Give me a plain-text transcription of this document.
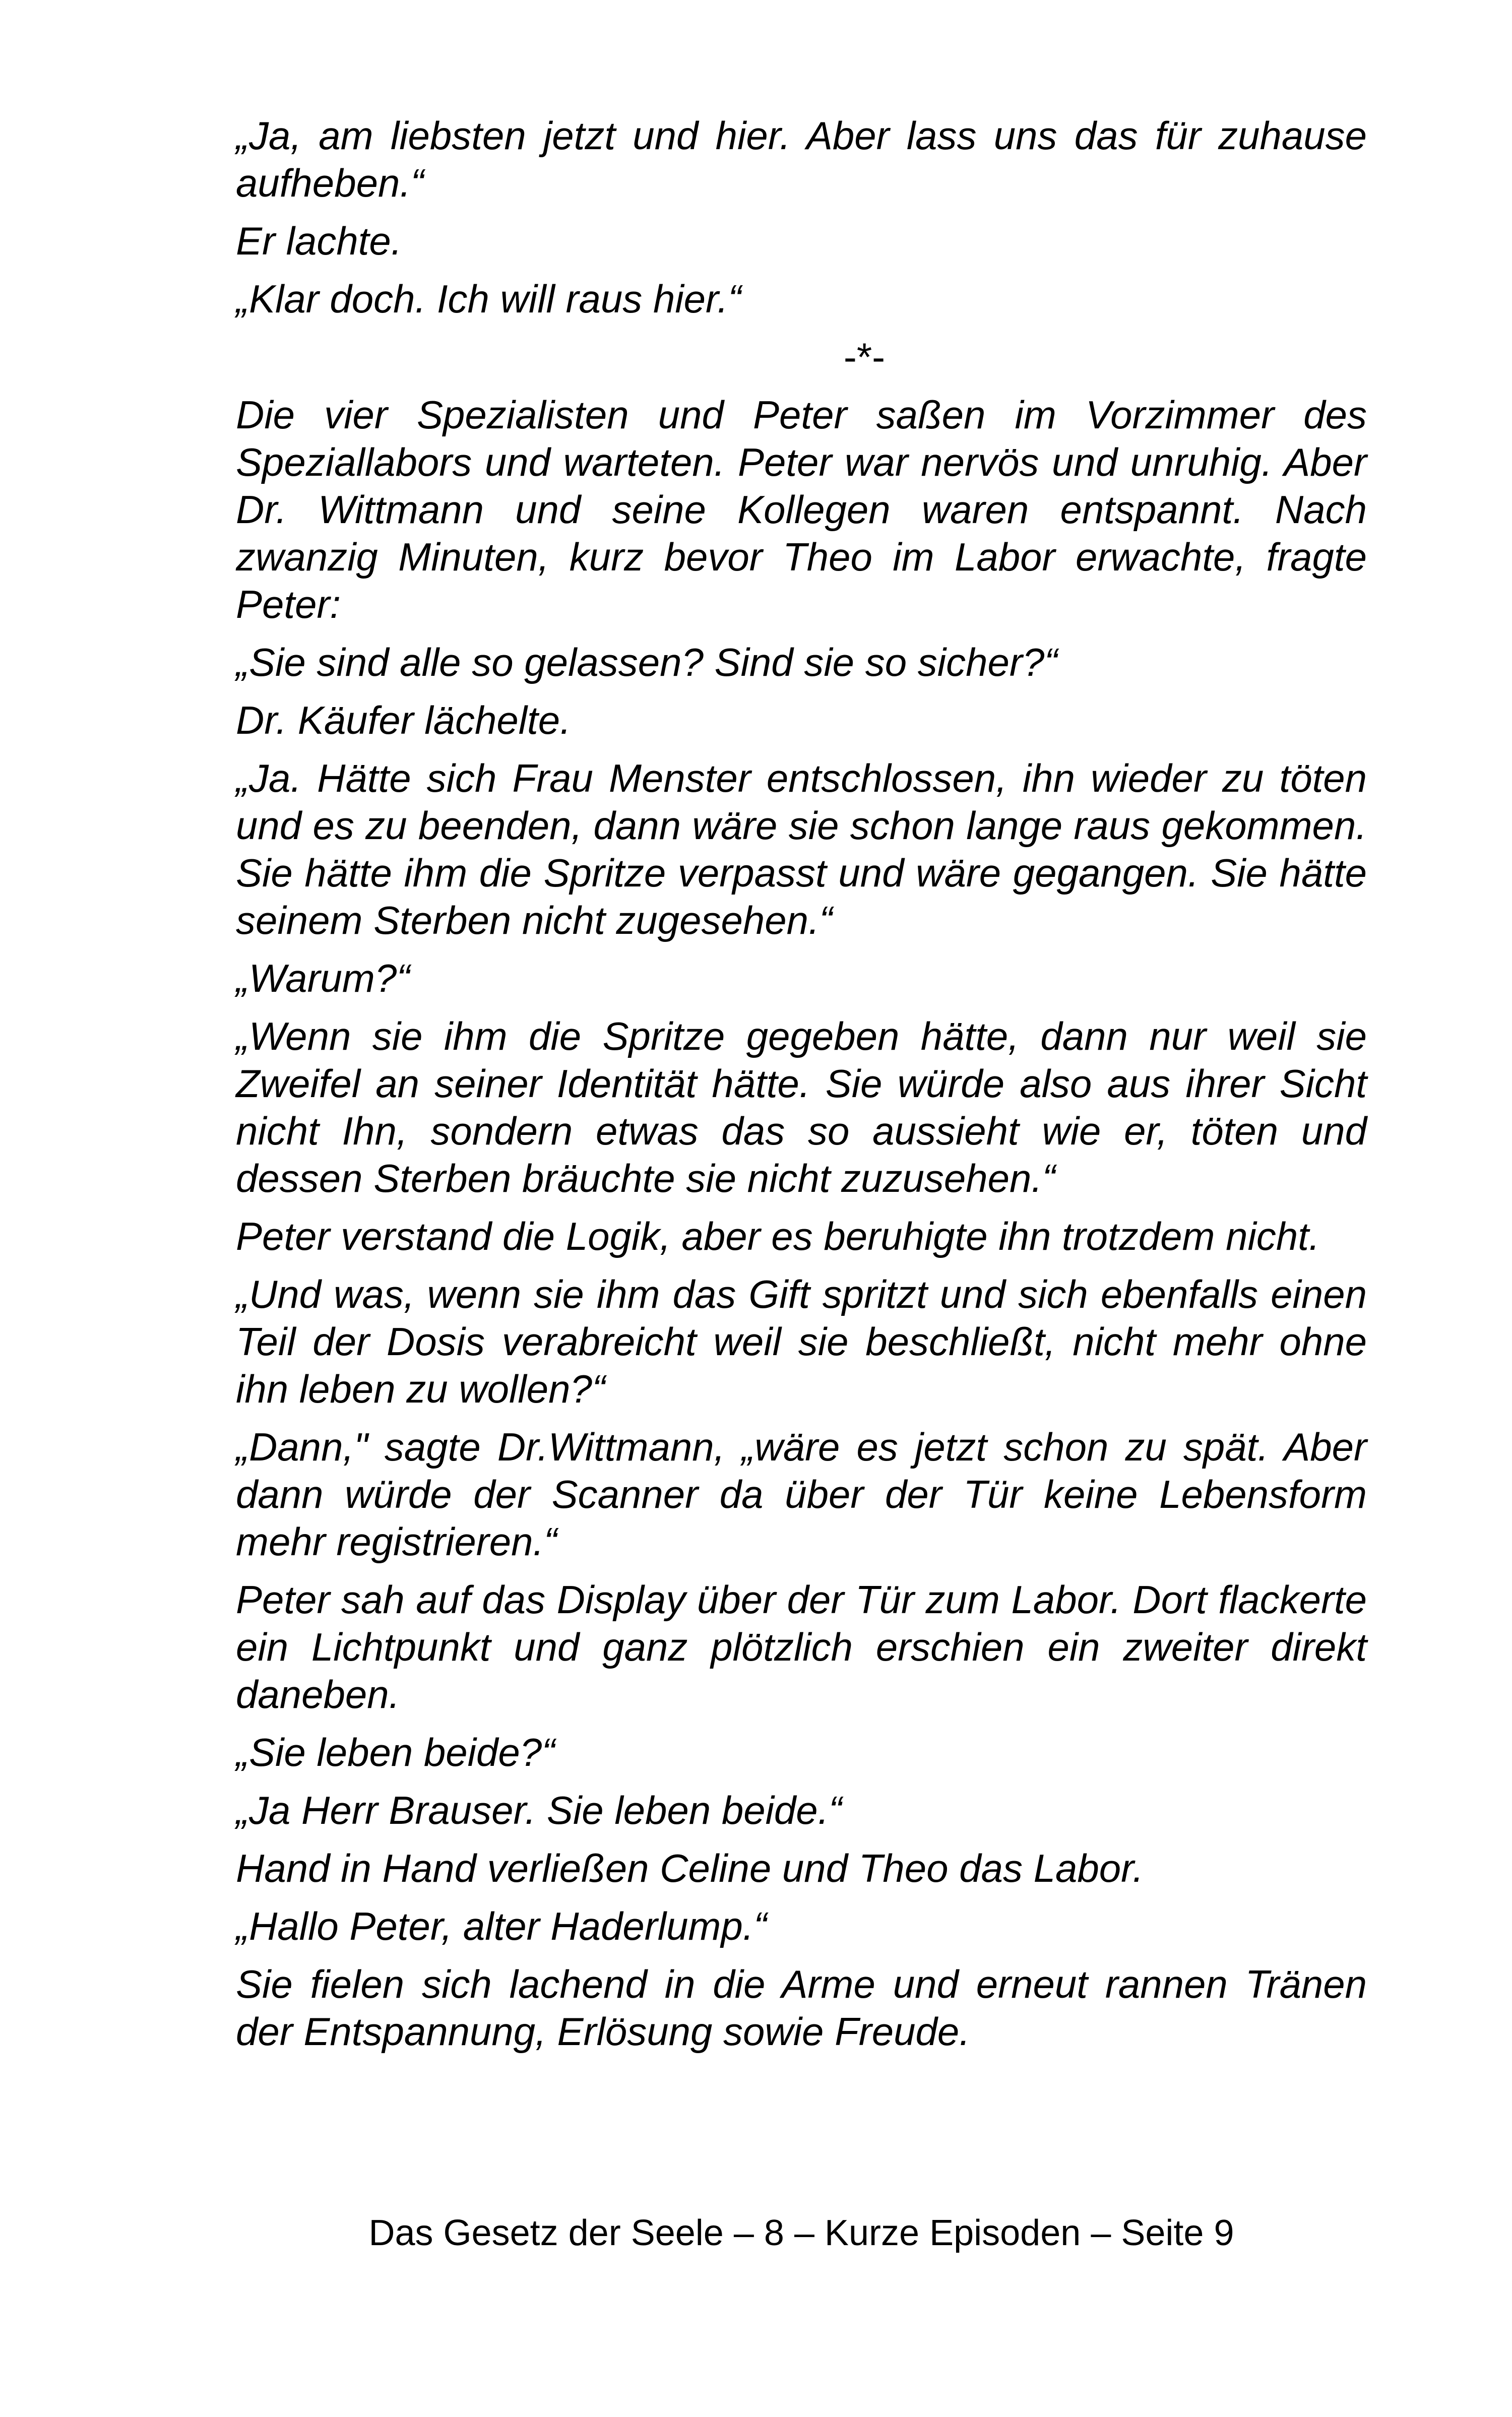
„Ja, am liebsten jetzt und hier. Aber lass uns das für zuhause aufheben.“

Er lachte.

„Klar doch. Ich will raus hier.“

-*-

Die vier Spezialisten und Peter saßen im Vorzimmer des Speziallabors und warteten. Peter war nervös und unruhig. Aber Dr. Wittmann und seine Kollegen waren entspannt. Nach zwanzig Minuten, kurz bevor Theo im Labor erwachte, fragte Peter:

„Sie sind alle so gelassen? Sind sie so sicher?“

Dr. Käufer lächelte.

„Ja. Hätte sich Frau Menster entschlossen, ihn wieder zu töten und es zu beenden, dann wäre sie schon lange raus gekommen. Sie hätte ihm die Spritze verpasst und wäre gegangen. Sie hätte seinem Sterben nicht zugesehen.“

„Warum?“

„Wenn sie ihm die Spritze gegeben hätte, dann nur weil sie Zweifel an seiner Identität hätte. Sie würde also aus ihrer Sicht nicht Ihn, sondern etwas das so aussieht wie er, töten und dessen Sterben bräuchte sie nicht zuzusehen.“

Peter verstand die Logik, aber es beruhigte ihn trotzdem nicht.

„Und was, wenn sie ihm das Gift spritzt und sich ebenfalls einen Teil der Dosis verabreicht weil sie beschließt, nicht mehr ohne ihn leben zu wollen?“

„Dann," sagte Dr.Wittmann, „wäre es jetzt schon zu spät. Aber dann würde der Scanner da über der Tür keine Lebensform mehr registrieren.“

Peter sah auf das Display über der Tür zum Labor. Dort flackerte ein Lichtpunkt und ganz plötzlich erschien ein zweiter direkt daneben.

„Sie leben beide?“

„Ja Herr Brauser. Sie leben beide.“

Hand in Hand verließen Celine und Theo das Labor.

„Hallo Peter, alter Haderlump.“

Sie fielen sich lachend in die Arme und erneut rannen Tränen der Entspannung, Erlösung sowie Freude.

Das Gesetz der Seele – 8 – Kurze Episoden – Seite 9
